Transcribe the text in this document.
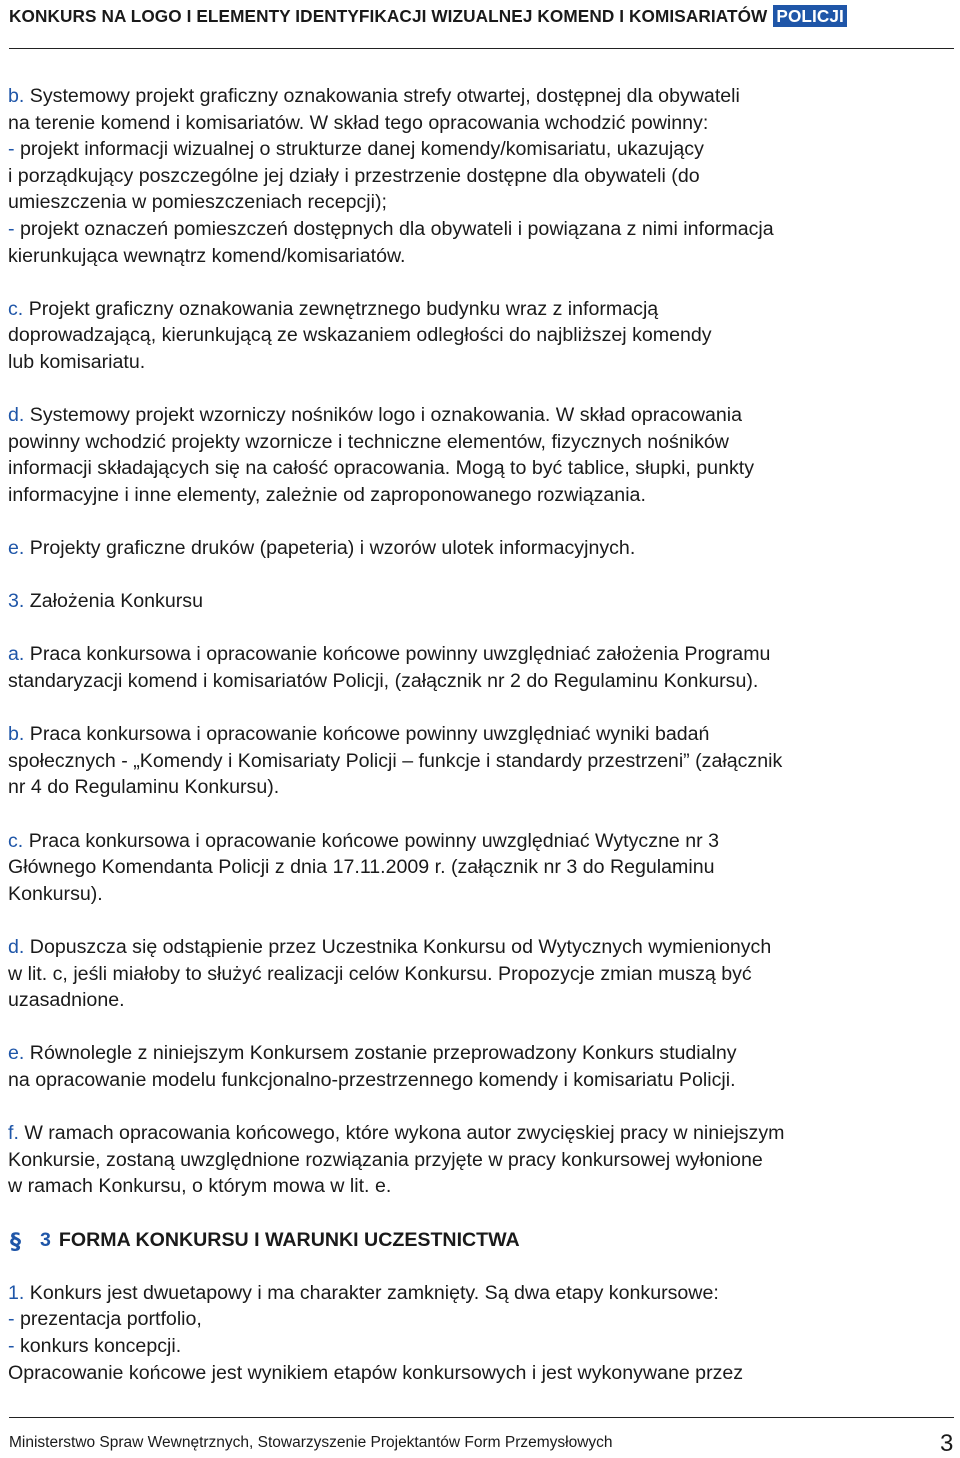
KONKURS NA LOGO I ELEMENTY IDENTYFIKACJI WIZUALNEJ KOMEND I KOMISARIATÓW POLICJI

b. Systemowy projekt graficzny oznakowania strefy otwartej, dostępnej dla obywateli
na terenie komend i komisariatów. W skład tego opracowania wchodzić powinny:
- projekt informacji wizualnej o strukturze danej komendy/komisariatu, ukazujący
i porządkujący poszczególne jej działy i przestrzenie dostępne dla obywateli (do
umieszczenia w pomieszczeniach recepcji);
- projekt oznaczeń pomieszczeń dostępnych dla obywateli i powiązana z nimi informacja
kierunkująca wewnątrz komend/komisariatów.

c. Projekt graficzny oznakowania zewnętrznego budynku wraz z informacją
doprowadzającą, kierunkującą ze wskazaniem odległości do najbliższej komendy
lub komisariatu.

d. Systemowy projekt wzorniczy nośników logo i oznakowania. W skład opracowania
powinny wchodzić projekty wzornicze i techniczne elementów, fizycznych nośników
informacji składających się na całość opracowania. Mogą to być tablice, słupki, punkty
informacyjne i inne elementy, zależnie od zaproponowanego rozwiązania.

e. Projekty graficzne druków (papeteria) i wzorów ulotek informacyjnych.

3. Założenia Konkursu

a. Praca konkursowa i opracowanie końcowe powinny uwzględniać założenia Programu
standaryzacji komend i komisariatów Policji, (załącznik nr 2 do Regulaminu Konkursu).

b. Praca konkursowa i opracowanie końcowe powinny uwzględniać wyniki badań
społecznych - „Komendy i Komisariaty Policji – funkcje i standardy przestrzeni” (załącznik
nr 4 do Regulaminu Konkursu).

c. Praca konkursowa i opracowanie końcowe powinny uwzględniać Wytyczne nr 3
Głównego Komendanta Policji z dnia 17.11.2009 r. (załącznik nr 3 do Regulaminu
Konkursu).

d. Dopuszcza się odstąpienie przez Uczestnika Konkursu od Wytycznych wymienionych
w lit. c, jeśli miałoby to służyć realizacji celów Konkursu. Propozycje zmian muszą być
uzasadnione.

e. Równolegle z niniejszym Konkursem zostanie przeprowadzony Konkurs studialny
na opracowanie modelu funkcjonalno-przestrzennego komendy i komisariatu Policji.

f. W ramach opracowania końcowego, które wykona autor zwycięskiej pracy w niniejszym
Konkursie, zostaną uwzględnione rozwiązania przyjęte w pracy konkursowej wyłonione
w ramach Konkursu, o którym mowa w lit. e.

§ 3 FORMA KONKURSU I WARUNKI UCZESTNICTWA

1. Konkurs jest dwuetapowy i ma charakter zamknięty. Są dwa etapy konkursowe:
- prezentacja portfolio,
- konkurs koncepcji.
Opracowanie końcowe jest wynikiem etapów konkursowych i jest wykonywane przez

Ministerstwo Spraw Wewnętrznych, Stowarzyszenie Projektantów Form Przemysłowych	3
